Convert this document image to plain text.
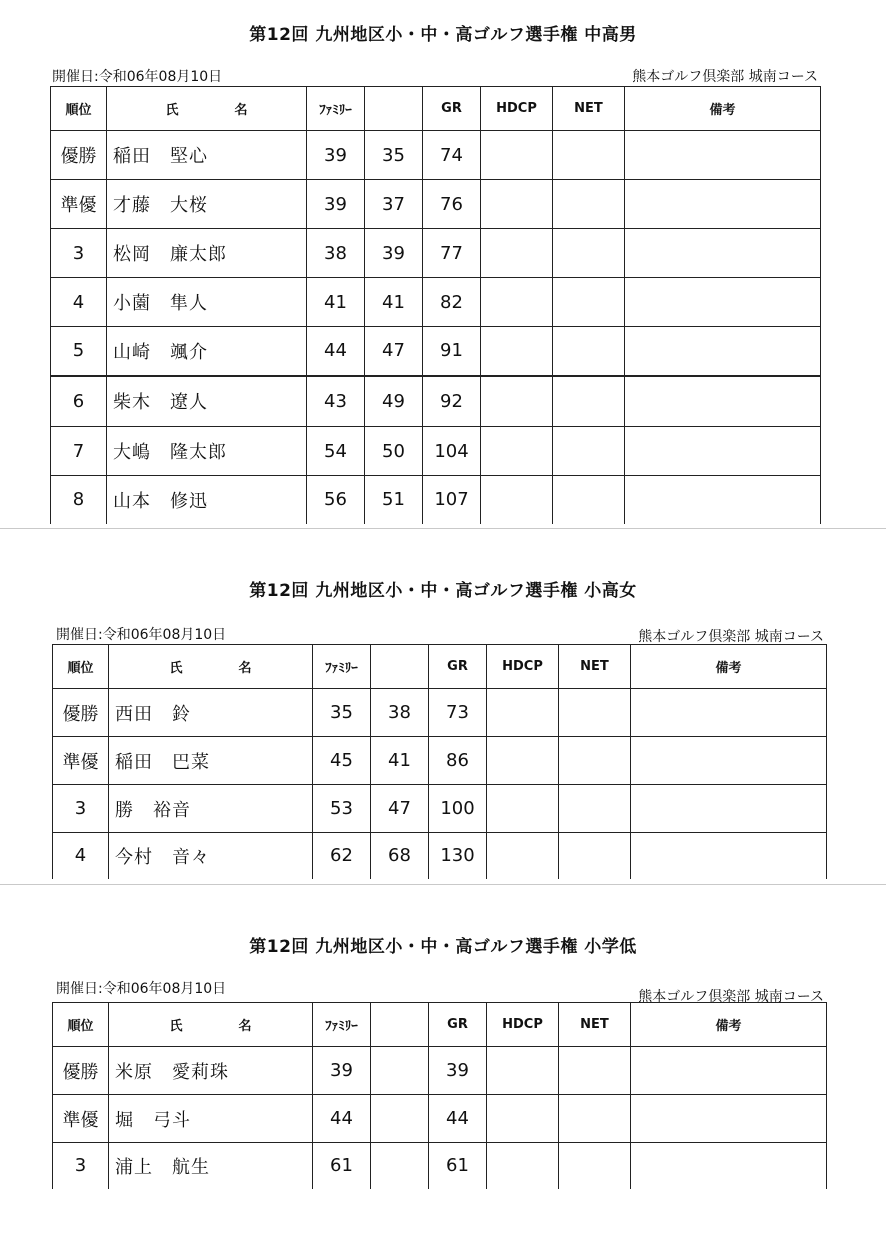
第12回 九州地区小・中・高ゴルフ選手権 中高男
開催日:令和06年08月10日	熊本ゴルフ倶楽部 城南コース
順位	氏 名	ﾌｧﾐﾘｰ		GR	HDCP	NET	備考
優勝	稲田　堅心	39	35	74			
準優	才藤　大桜	39	37	76			
3	松岡　廉太郎	38	39	77			
4	小薗　隼人	41	41	82			
5	山崎　颯介	44	47	91			
6	柴木　遼人	43	49	92			
7	大嶋　隆太郎	54	50	104			
8	山本　修迅	56	51	107			
第12回 九州地区小・中・高ゴルフ選手権 小高女
開催日:令和06年08月10日	熊本ゴルフ倶楽部 城南コース
順位	氏 名	ﾌｧﾐﾘｰ		GR	HDCP	NET	備考
優勝	西田　鈴	35	38	73			
準優	稲田　巴菜	45	41	86			
3	勝　裕音	53	47	100			
4	今村　音々	62	68	130			
第12回 九州地区小・中・高ゴルフ選手権 小学低
開催日:令和06年08月10日	熊本ゴルフ倶楽部 城南コース
順位	氏 名	ﾌｧﾐﾘｰ		GR	HDCP	NET	備考
優勝	米原　愛莉珠	39		39			
準優	堀　弓斗	44		44			
3	浦上　航生	61		61			
